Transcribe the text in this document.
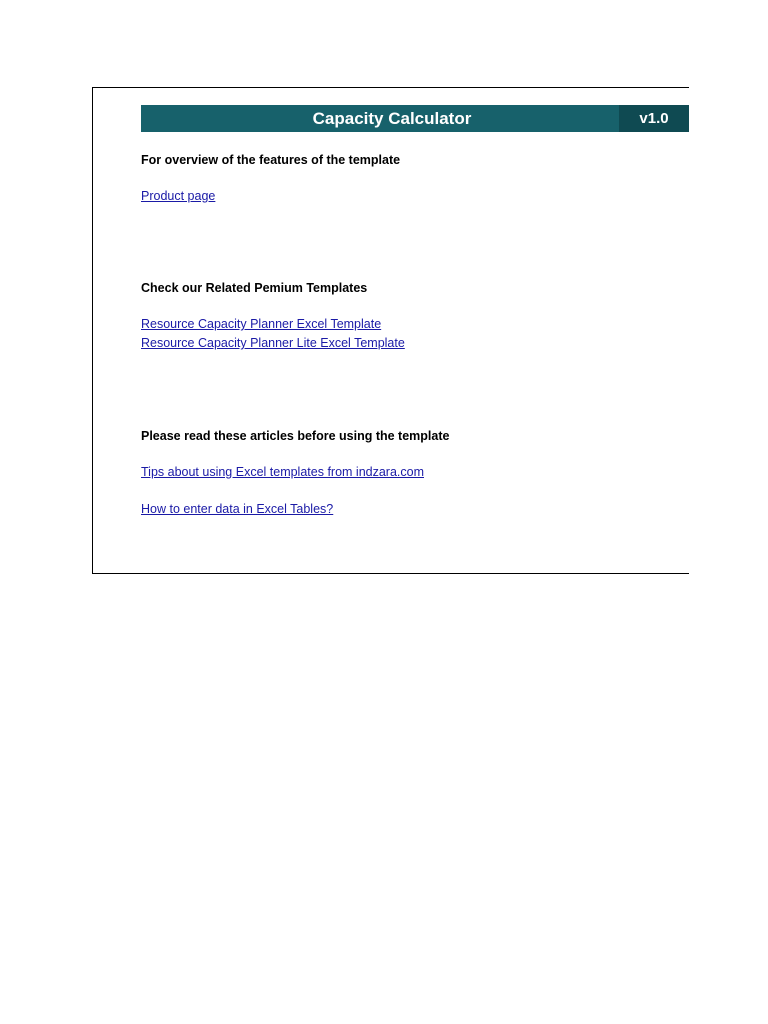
Capacity Calculator	v1.0
For overview of the features of the template
Product page
Check our Related Pemium Templates
Resource Capacity Planner Excel Template
Resource Capacity Planner Lite Excel Template
Please read these articles before using the template
Tips about using Excel templates from indzara.com
How to enter data in Excel Tables?
